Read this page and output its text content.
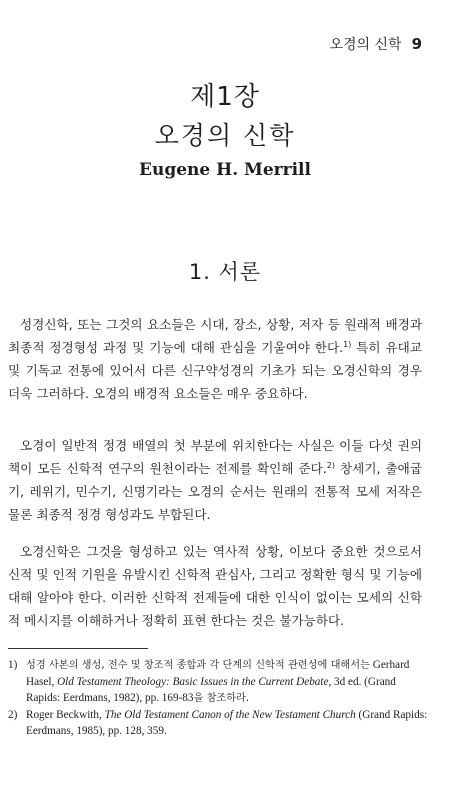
오경의 신학 9
제1장
오경의 신학
Eugene H. Merrill
1. 서론

성경신학, 또는 그것의 요소들은 시대, 장소, 상황, 저자 등 원래적 배경과 최종적 정경형성 과정 및 기능에 대해 관심을 기울여야 한다.$^{1)}$ 특히 유대교 및 기독교 전통에 있어서 다른 신구약성경의 기초가 되는 오경신학의 경우 더욱 그러하다. 오경의 배경적 요소들은 매우 중요하다.

오경이 일반적 정경 배열의 첫 부분에 위치한다는 사실은 이들 다섯 권의 책이 모든 신학적 연구의 원천이라는 전제를 확인해 준다.$^{2)}$ 창세기, 출애굽기, 레위기, 민수기, 신명기라는 오경의 순서는 원래의 전통적 모세 저작은 물론 최종적 정경 형성과도 부합된다.

오경신학은 그것을 형성하고 있는 역사적 상황, 이보다 중요한 것으로서 신적 및 인적 기원을 유발시킨 신학적 관심사, 그리고 정확한 형식 및 기능에 대해 알아야 한다. 이러한 신학적 전제들에 대한 인식이 없이는 모세의 신학적 메시지를 이해하거나 정확히 표현 한다는 것은 불가능하다.

1) 성경 사본의 생성, 전수 및 창조적 종합과 각 단계의 신학적 관련성에 대해서는 Gerhard Hasel, Old Testament Theology: Basic Issues in the Current Debate, 3d ed. (Grand Rapids: Eerdmans, 1982), pp. 169-83을 참조하라.
2) Roger Beckwith, The Old Testament Canon of the New Testament Church (Grand Rapids: Eerdmans, 1985), pp. 128, 359.
